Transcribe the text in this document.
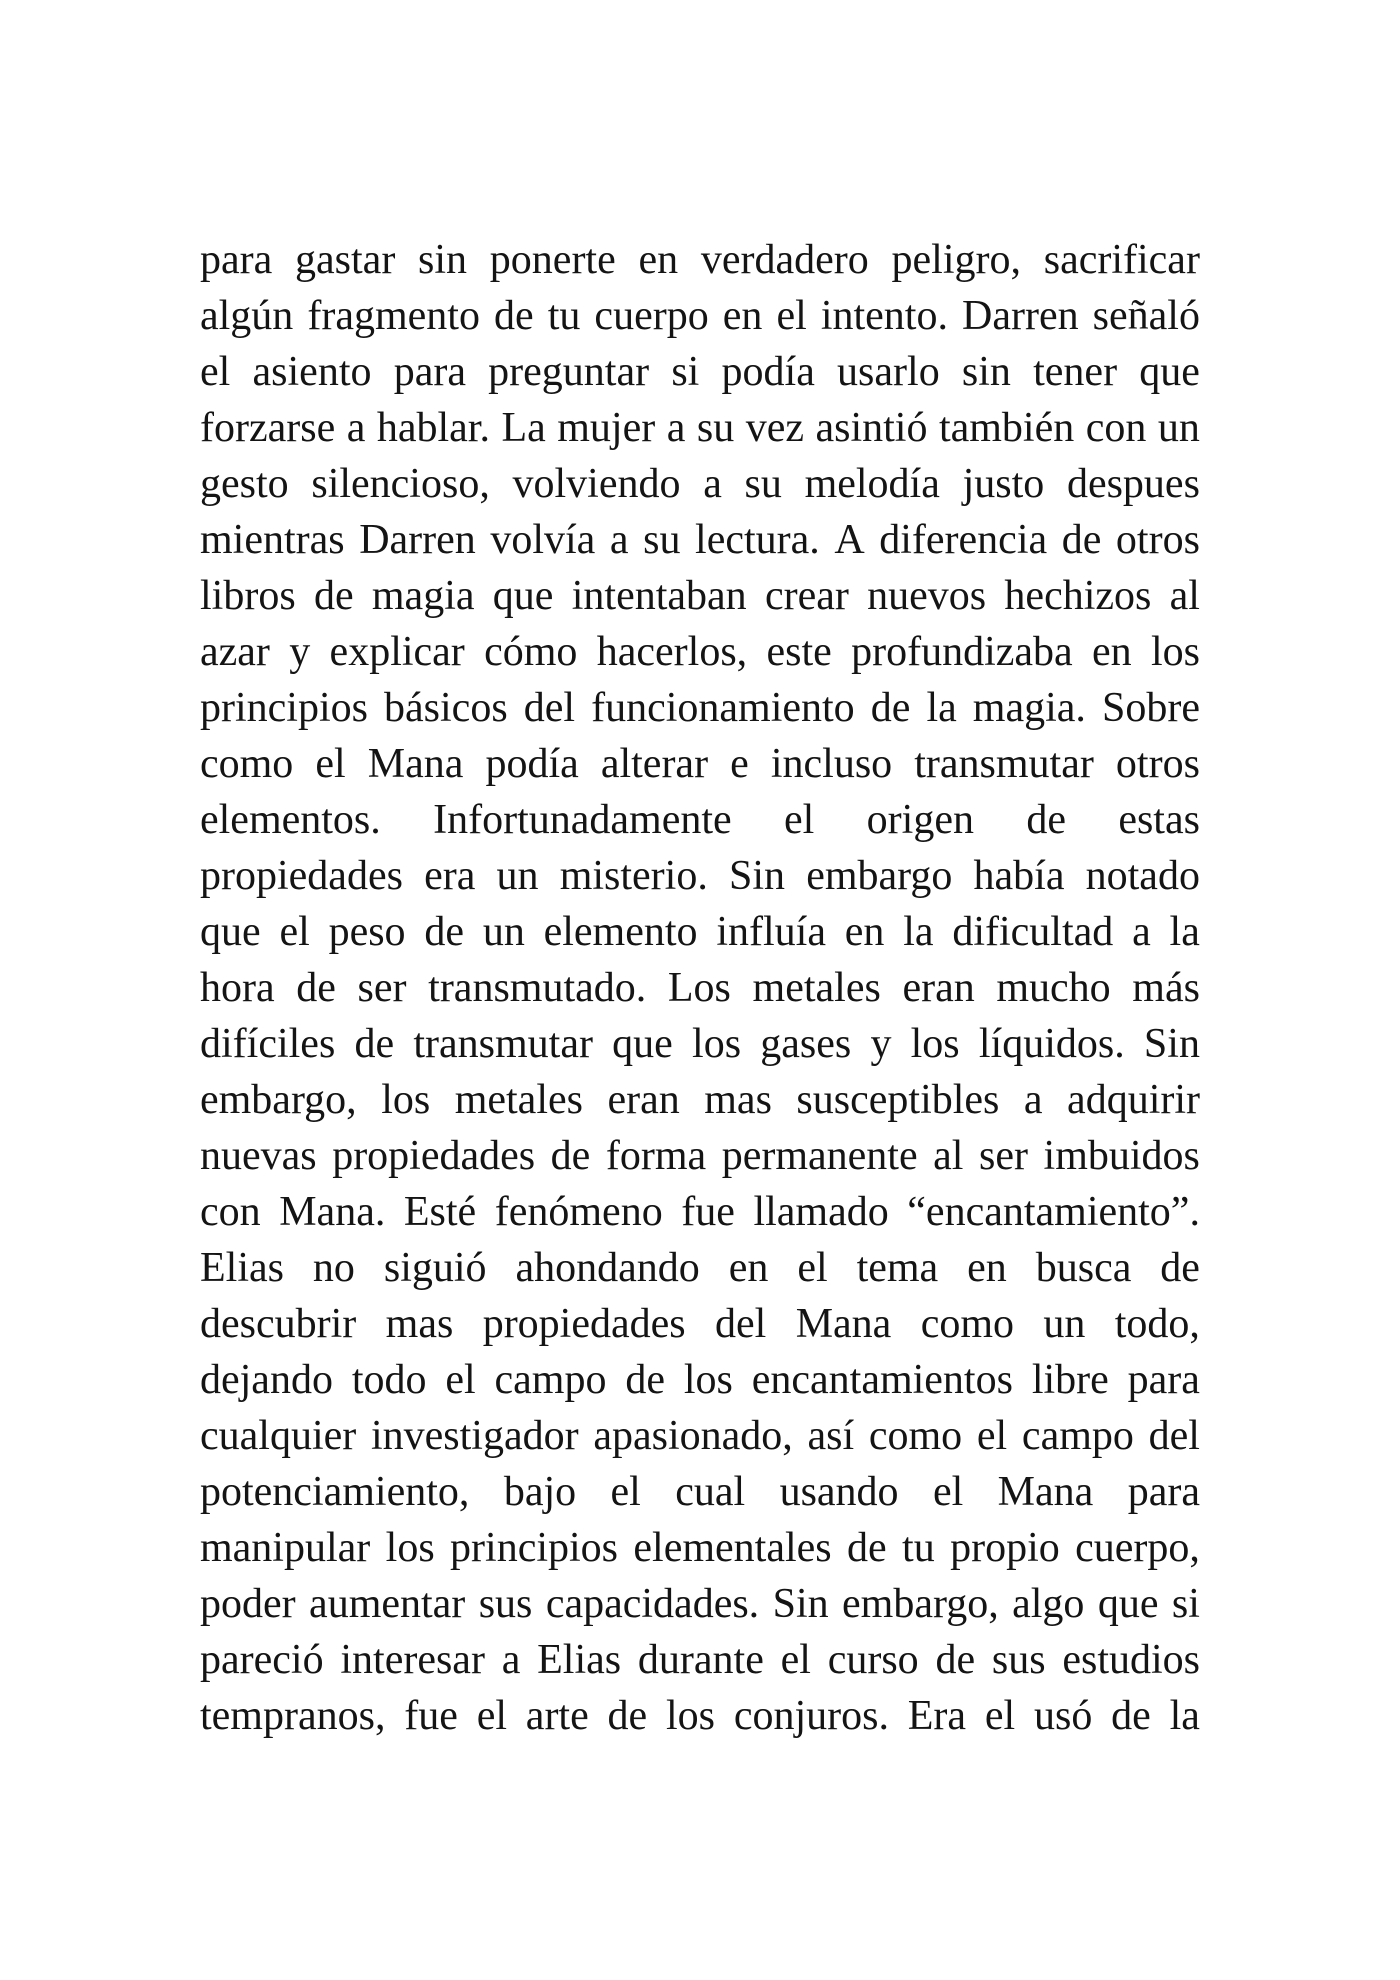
para gastar sin ponerte en verdadero peligro, sacrificar
algún fragmento de tu cuerpo en el intento. Darren señaló
el asiento para preguntar si podía usarlo sin tener que
forzarse a hablar. La mujer a su vez asintió también con un
gesto silencioso, volviendo a su melodía justo despues
mientras Darren volvía a su lectura. A diferencia de otros
libros de magia que intentaban crear nuevos hechizos al
azar y explicar cómo hacerlos, este profundizaba en los
principios básicos del funcionamiento de la magia. Sobre
como el Mana podía alterar e incluso transmutar otros
elementos. Infortunadamente el origen de estas
propiedades era un misterio. Sin embargo había notado
que el peso de un elemento influía en la dificultad a la
hora de ser transmutado. Los metales eran mucho más
difíciles de transmutar que los gases y los líquidos. Sin
embargo, los metales eran mas susceptibles a adquirir
nuevas propiedades de forma permanente al ser imbuidos
con Mana. Esté fenómeno fue llamado “encantamiento”.
Elias no siguió ahondando en el tema en busca de
descubrir mas propiedades del Mana como un todo,
dejando todo el campo de los encantamientos libre para
cualquier investigador apasionado, así como el campo del
potenciamiento, bajo el cual usando el Mana para
manipular los principios elementales de tu propio cuerpo,
poder aumentar sus capacidades. Sin embargo, algo que si
pareció interesar a Elias durante el curso de sus estudios
tempranos, fue el arte de los conjuros. Era el usó de la
